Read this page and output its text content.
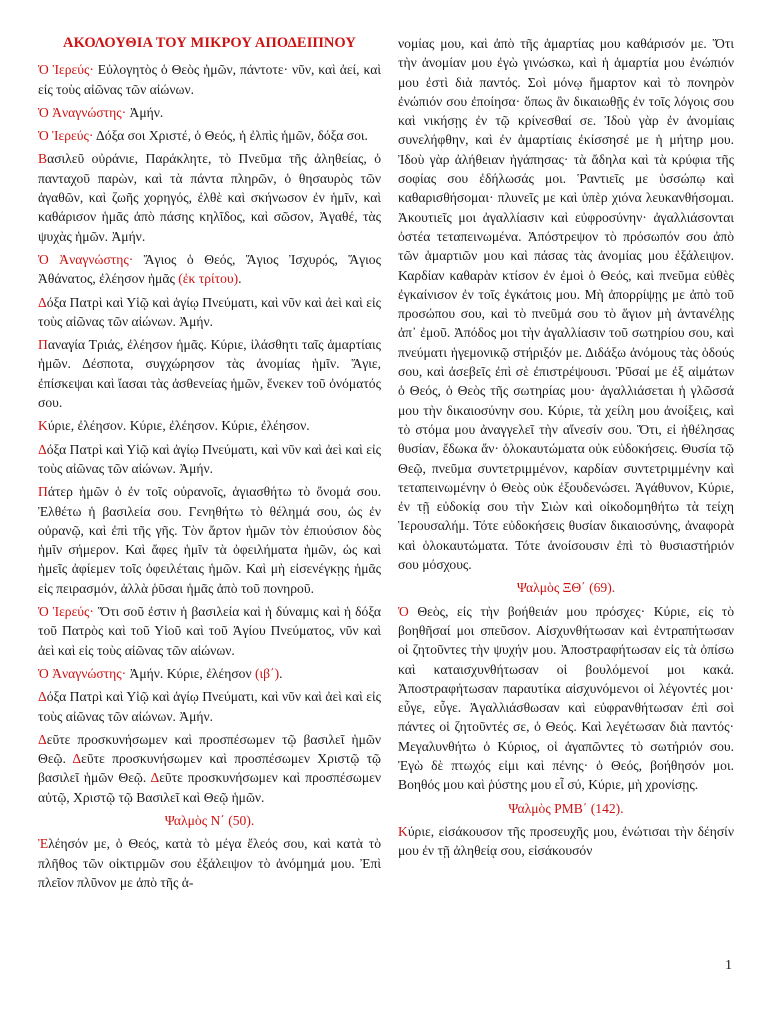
ΑΚΟΛΟΥΘΙΑ ΤΟΥ ΜΙΚΡΟΥ ΑΠΟΔΕΙΠΝΟΥ
Ὁ Ἱερεύς· Εὐλογητὸς ὁ Θεὸς ἡμῶν, πάντοτε· νῦν, καὶ ἀεί, καὶ εἰς τοὺς αἰῶνας τῶν αἰώνων.
Ὁ Ἀναγνώστης· Ἀμήν.
Ὁ Ἱερεύς· Δόξα σοι Χριστέ, ὁ Θεός, ἡ ἐλπὶς ἡμῶν, δόξα σοι.
Βασιλεῦ οὐράνιε, Παράκλητε, τὸ Πνεῦμα τῆς ἀληθείας, ὁ πανταχοῦ παρὼν, καὶ τὰ πάντα πληρῶν, ὁ θησαυρὸς τῶν ἀγαθῶν, καὶ ζωῆς χορηγός, ἐλθὲ καὶ σκήνωσον ἐν ἡμῖν, καὶ καθάρισον ἡμᾶς ἀπὸ πάσης κηλῖδος, καὶ σῶσον, Ἀγαθέ, τὰς ψυχὰς ἡμῶν. Ἀμήν.
Ὁ Ἀναγνώστης· Ἅγιος ὁ Θεός, Ἅγιος Ἰσχυρός, Ἅγιος Ἀθάνατος, ἐλέησον ἡμᾶς (ἐκ τρίτου).
Δόξα Πατρὶ καὶ Υἱῷ καὶ ἁγίῳ Πνεύματι, καὶ νῦν καὶ ἀεὶ καὶ εἰς τοὺς αἰῶνας τῶν αἰώνων. Ἀμήν.
Παναγία Τριάς, ἐλέησον ἡμᾶς. Κύριε, ἱλάσθητι ταῖς ἁμαρτίαις ἡμῶν. Δέσποτα, συγχώρησον τὰς ἀνομίας ἡμῖν. Ἅγιε, ἐπίσκεψαι καὶ ἴασαι τὰς ἀσθενείας ἡμῶν, ἕνεκεν τοῦ ὀνόματός σου.
Κύριε, ἐλέησον. Κύριε, ἐλέησον. Κύριε, ἐλέησον.
Δόξα Πατρὶ καὶ Υἱῷ καὶ ἁγίῳ Πνεύματι, καὶ νῦν καὶ ἀεὶ καὶ εἰς τοὺς αἰῶνας τῶν αἰώνων. Ἀμήν.
Πάτερ ἡμῶν ὁ ἐν τοῖς οὐρανοῖς, ἁγιασθήτω τὸ ὄνομά σου. Ἐλθέτω ἡ βασιλεία σου. Γενηθήτω τὸ θέλημά σου, ὡς ἐν οὐρανῷ, καὶ ἐπὶ τῆς γῆς. Τὸν ἄρτον ἡμῶν τὸν ἐπιούσιον δὸς ἡμῖν σήμερον. Καὶ ἄφες ἡμῖν τὰ ὀφειλήματα ἡμῶν, ὡς καὶ ἡμεῖς ἀφίεμεν τοῖς ὀφειλέταις ἡμῶν. Καὶ μὴ εἰσενέγκῃς ἡμᾶς εἰς πειρασμόν, ἀλλὰ ῥῦσαι ἡμᾶς ἀπὸ τοῦ πονηροῦ.
Ὁ Ἱερεύς· Ὅτι σοῦ ἐστιν ἡ βασιλεία καὶ ἡ δύναμις καὶ ἡ δόξα τοῦ Πατρὸς καὶ τοῦ Υἱοῦ καὶ τοῦ Ἁγίου Πνεύματος, νῦν καὶ ἀεὶ καὶ εἰς τοὺς αἰῶνας τῶν αἰώνων.
Ὁ Ἀναγνώστης· Ἀμήν. Κύριε, ἐλέησον (ιβ΄).
Δόξα Πατρὶ καὶ Υἱῷ καὶ ἁγίῳ Πνεύματι, καὶ νῦν καὶ ἀεὶ καὶ εἰς τοὺς αἰῶνας τῶν αἰώνων. Ἀμήν.
Δεῦτε προσκυνήσωμεν καὶ προσπέσωμεν τῷ βασιλεῖ ἡμῶν Θεῷ. Δεῦτε προσκυνήσωμεν καὶ προσπέσωμεν Χριστῷ τῷ βασιλεῖ ἡμῶν Θεῷ. Δεῦτε προσκυνήσωμεν καὶ προσπέσωμεν αὐτῷ, Χριστῷ τῷ Βασιλεῖ καὶ Θεῷ ἡμῶν.
Ψαλμὸς Ν΄ (50).
Ἐλέησόν με, ὁ Θεός, κατὰ τὸ μέγα ἔλεός σου, καὶ κατὰ τὸ πλῆθος τῶν οἰκτιρμῶν σου ἐξάλειψον τὸ ἀνόμημά μου. Ἐπὶ πλεῖον πλῦνον με ἀπὸ τῆς ἀ-
νομίας μου, καὶ ἀπὸ τῆς ἁμαρτίας μου καθάρισόν με. Ὅτι τὴν ἀνομίαν μου ἐγὼ γινώσκω, καὶ ἡ ἁμαρτία μου ἐνώπιόν μου ἐστὶ διὰ παντός. Σοὶ μόνῳ ἥμαρτον καὶ τὸ πονηρὸν ἐνώπιόν σου ἐποίησα· ὅπως ἂν δικαιωθῇς ἐν τοῖς λόγοις σου καὶ νικήσῃς ἐν τῷ κρίνεσθαί σε. Ἰδοὺ γὰρ ἐν ἀνομίαις συνελήφθην, καὶ ἐν ἁμαρτίαις ἐκίσσησέ με ἡ μήτηρ μου. Ἰδοὺ γὰρ ἀλήθειαν ἠγάπησας· τὰ ἄδηλα καὶ τὰ κρύφια τῆς σοφίας σου ἐδήλωσάς μοι. Ῥαντιεῖς με ὑσσώπῳ καὶ καθαρισθήσομαι· πλυνεῖς με καὶ ὑπὲρ χιόνα λευκανθήσομαι. Ἀκουτιεῖς μοι ἀγαλλίασιν καὶ εὐφροσύνην· ἀγαλλιάσονται ὀστέα τεταπεινωμένα. Ἀπόστρεψον τὸ πρόσωπόν σου ἀπὸ τῶν ἁμαρτιῶν μου καὶ πάσας τὰς ἀνομίας μου ἐξάλειψον. Καρδίαν καθαρὰν κτίσον ἐν ἐμοὶ ὁ Θεός, καὶ πνεῦμα εὐθὲς ἐγκαίνισον ἐν τοῖς ἐγκάτοις μου. Μὴ ἀπορρίψῃς με ἀπὸ τοῦ προσώπου σου, καὶ τὸ πνεῦμά σου τὸ ἅγιον μὴ ἀντανέλῃς ἀπ᾿ ἐμοῦ. Ἀπόδος μοι τὴν ἀγαλλίασιν τοῦ σωτηρίου σου, καὶ πνεύματι ἡγεμονικῷ στήριξόν με. Διδάξω ἀνόμους τὰς ὁδούς σου, καὶ ἀσεβεῖς ἐπὶ σὲ ἐπιστρέψουσι. Ῥῦσαί με ἐξ αἱμάτων ὁ Θεός, ὁ Θεὸς τῆς σωτηρίας μου· ἀγαλλιάσεται ἡ γλῶσσά μου τὴν δικαιοσύνην σου. Κύριε, τὰ χείλη μου ἀνοίξεις, καὶ τὸ στόμα μου ἀναγγελεῖ τὴν αἴνεσίν σου. Ὅτι, εἰ ἠθέλησας θυσίαν, ἔδωκα ἄν· ὁλοκαυτώματα οὐκ εὐδοκήσεις. Θυσία τῷ Θεῷ, πνεῦμα συντετριμμένον, καρδίαν συντετριμμένην καὶ τεταπεινωμένην ὁ Θεὸς οὐκ ἐξουδενώσει. Ἀγάθυνον, Κύριε, ἐν τῇ εὐδοκίᾳ σου τὴν Σιὼν καὶ οἰκοδομηθήτω τὰ τείχη Ἱερουσαλήμ. Τότε εὐδοκήσεις θυσίαν δικαιοσύνης, ἀναφορὰ καὶ ὁλοκαυτώματα. Τότε ἀνοίσουσιν ἐπὶ τὸ θυσιαστήριόν σου μόσχους.
Ψαλμὸς ΞΘ΄ (69).
Ὁ Θεὸς, εἰς τὴν βοήθειάν μου πρόσχες· Κύριε, εἰς τὸ βοηθῆσαί μοι σπεῦσον. Αἰσχυνθήτωσαν καὶ ἐντραπήτωσαν οἱ ζητοῦντες τὴν ψυχήν μου. Ἀποστραφήτωσαν εἰς τὰ ὀπίσω καὶ καταισχυνθήτωσαν οἱ βουλόμενοί μοι κακά. Ἀποστραφήτωσαν παραυτίκα αἰσχυνόμενοι οἱ λέγοντές μοι· εὖγε, εὖγε. Ἀγαλλιάσθωσαν καὶ εὐφρανθήτωσαν ἐπὶ σοὶ πάντες οἱ ζητοῦντές σε, ὁ Θεός. Καὶ λεγέτωσαν διὰ παντός· Μεγαλυνθήτω ὁ Κύριος, οἱ ἀγαπῶντες τὸ σωτήριόν σου. Ἐγὼ δὲ πτωχός εἰμι καὶ πένης· ὁ Θεός, βοήθησόν μοι. Βοηθός μου καὶ ῥύστης μου εἶ σύ, Κύριε, μὴ χρονίσῃς.
Ψαλμὸς ΡΜΒ΄ (142).
Κύριε, εἰσάκουσον τῆς προσευχῆς μου, ἐνώτισαι τὴν δέησίν μου ἐν τῇ ἀληθείᾳ σου, εἰσάκουσόν
1
